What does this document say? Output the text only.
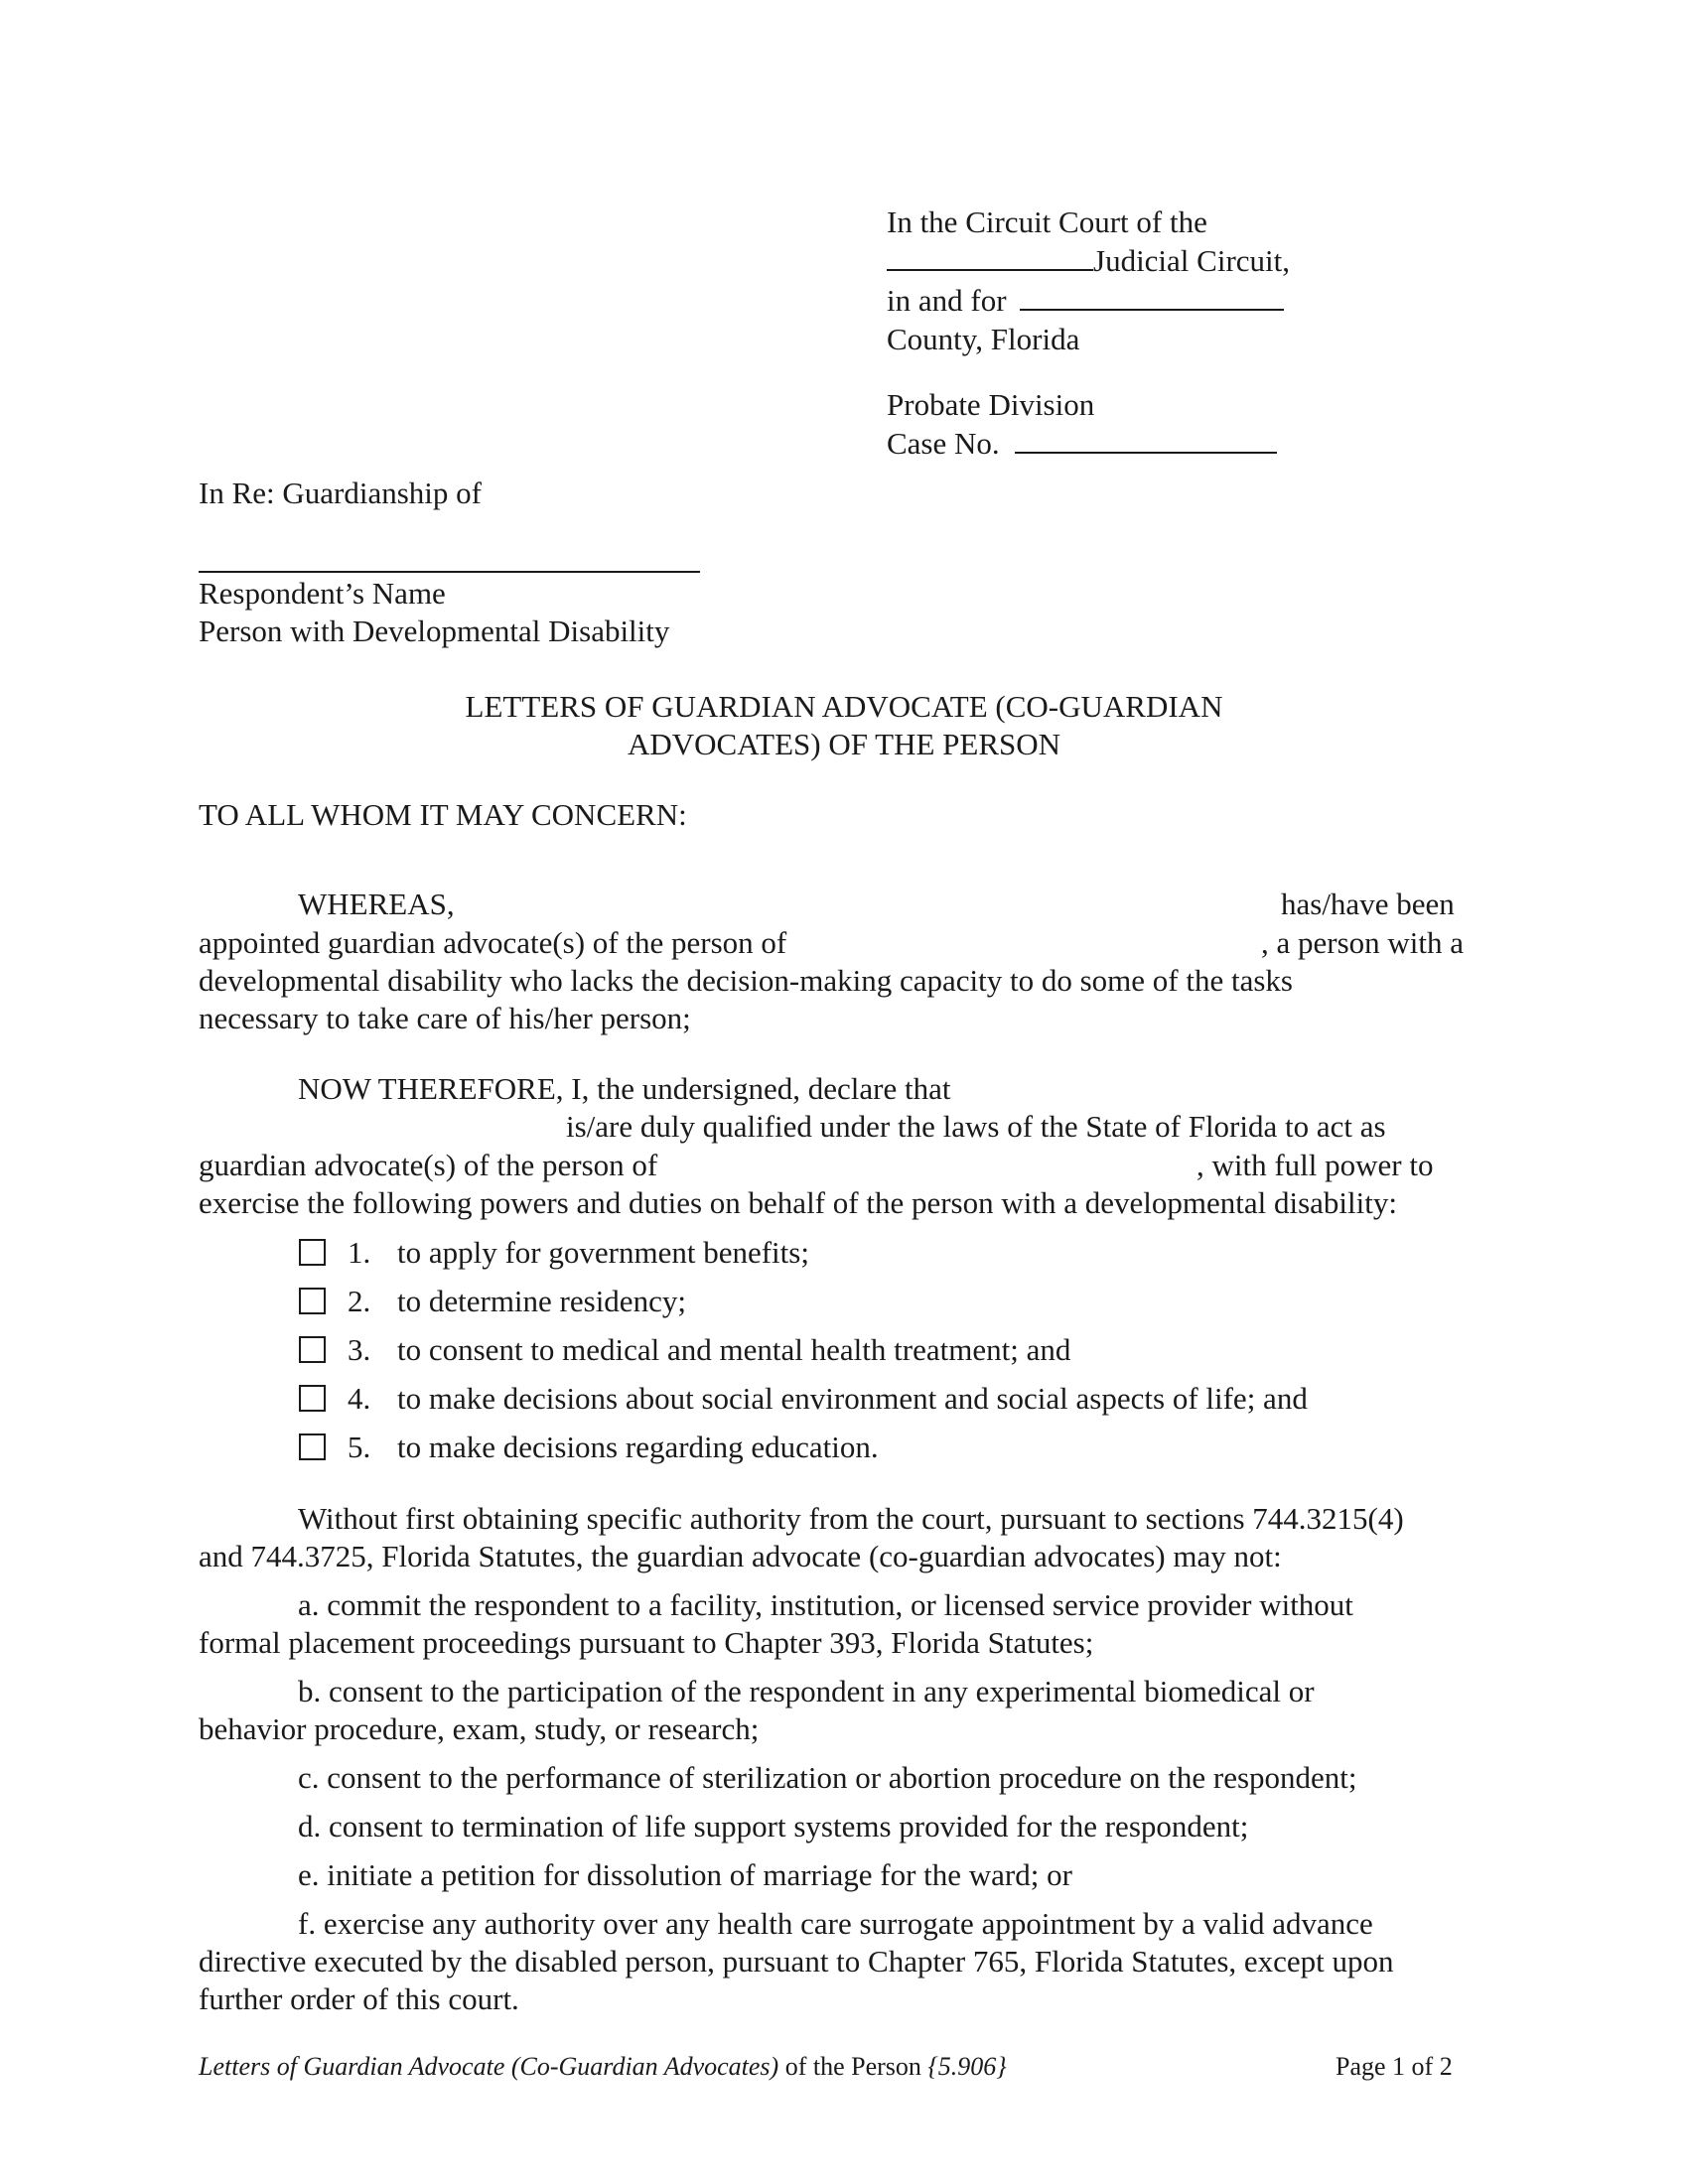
In the Circuit Court of the
Judicial Circuit,
in and for
County, Florida
Probate Division
Case No.
In Re: Guardianship of
Respondent’s Name
Person with Developmental Disability
LETTERS OF GUARDIAN ADVOCATE (CO-GUARDIAN
ADVOCATES) OF THE PERSON
TO ALL WHOM IT MAY CONCERN:
WHEREAS,	has/have been
appointed guardian advocate(s) of the person of	, a person with a
developmental disability who lacks the decision-making capacity to do some of the tasks
necessary to take care of his/her person;
NOW THEREFORE, I, the undersigned, declare that
is/are duly qualified under the laws of the State of Florida to act as
guardian advocate(s) of the person of	, with full power to
exercise the following powers and duties on behalf of the person with a developmental disability:
1. to apply for government benefits;
2. to determine residency;
3. to consent to medical and mental health treatment; and
4. to make decisions about social environment and social aspects of life; and
5. to make decisions regarding education.
Without first obtaining specific authority from the court, pursuant to sections 744.3215(4)
and 744.3725, Florida Statutes, the guardian advocate (co-guardian advocates) may not:
a. commit the respondent to a facility, institution, or licensed service provider without
formal placement proceedings pursuant to Chapter 393, Florida Statutes;
b. consent to the participation of the respondent in any experimental biomedical or
behavior procedure, exam, study, or research;
c. consent to the performance of sterilization or abortion procedure on the respondent;
d. consent to termination of life support systems provided for the respondent;
e. initiate a petition for dissolution of marriage for the ward; or
f. exercise any authority over any health care surrogate appointment by a valid advance
directive executed by the disabled person, pursuant to Chapter 765, Florida Statutes, except upon
further order of this court.
Letters of Guardian Advocate (Co-Guardian Advocates) of the Person {5.906}	Page 1 of 2
